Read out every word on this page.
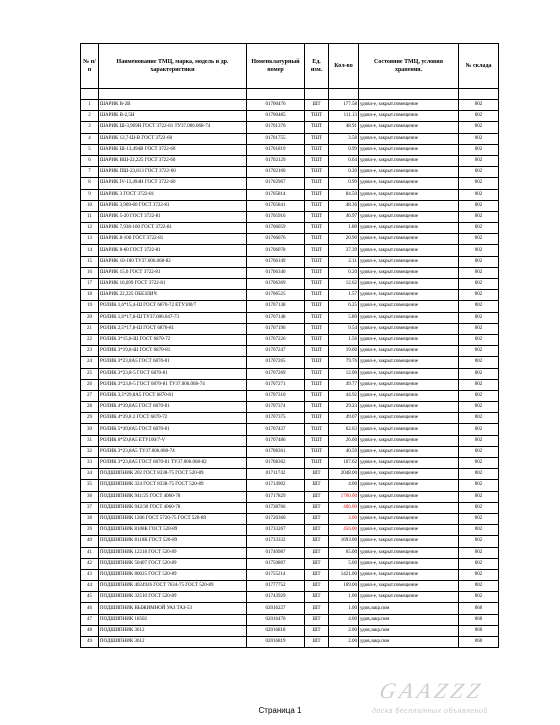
№ п/п	Наименование ТМЦ, марка, модель и др. характеристики	Номенклатурный номер	Ед. изм.	Кол-во	Состояние ТМЦ, условия хранения.	№ склада

1	ШАРИК В-2В	01700476	ШТ	177.58	удовл-е, закрыт.помещение	002
2	ШАРИК В-2,5Н	01700485	ТШТ	111.13	удовл-е, закрыт.помещение	002
3	ШАРИК Ш-3,969Н ГОСТ 3722-81 ТУ37.006.068-74	01701370	ТШТ	48.91	удовл-е, закрыт.помещение	002
4	ШАРИК 12,7-Ш-В ГОСТ 3722-60	01701755	ТШТ	3.58	удовл-е, закрыт.помещение	002
5	ШАРИК Ш-13,494В ГОСТ 3722-60	01701819	ТШТ	0.99	удовл-е, закрыт.помещение	002
6	ШАРИК ВШ-22,225 ГОСТ 3722-60	01702129	ТШТ	0.64	удовл-е, закрыт.помещение	002
7	ШАРИК ПШ-23,813 ГОСТ 3722-60	01702160	ТШТ	0.20	удовл-е, закрыт.помещение	002
8	ШАРИК IV-13,494Н ГОСТ 3722-60	01702967	ТШТ	0.99	удовл-е, закрыт.помещение	002
9	ШАРИК 3 ГОСТ 3722-81	01705814	ТШТ	84.50	удовл-е, закрыт.помещение	002
10	ШАРИК 3,969-60 ГОСТ 3722-81	01705841	ТШТ	48.36	удовл-е, закрыт.помещение	002
11	ШАРИК 5-20 ГОСТ 3722-81	01705916	ТШТ	46.97	удовл-е, закрыт.помещение	002
12	ШАРИК 7,938-100 ГОСТ 3722-81	01706059	ТШТ	1.80	удовл-е, закрыт.помещение	002
13	ШАРИК 8-100 ГОСТ 3722-81	01706076	ТШТ	20.90	удовл-е, закрыт.помещение	002
14	ШАРИК 8-60 ГОСТ 3722-81	01706078	ТШТ	37.39	удовл-е, закрыт.помещение	002
15	ШАРИК 10-100 ТУ37.006.068-82	01706149	ТШТ	2.11	удовл-е, закрыт.помещение	002
16	ШАРИК 15,0 ГОСТ 3722-81	01706340	ТШТ	0.20	удовл-е, закрыт.помещение	002
17	ШАРИК 16,699 ГОСТ 3722-81	01706369	ТШТ	12.62	удовл-е, закрыт.помещение	002
18	ШАРИК 22,225 ОБЕЗЛИЧ	01706525	ТШТ	1.57	удовл-е, закрыт.помещение	002
19	РОЛИК 1,6*15,4-Ш ГОСТ 6870-72 ЕТУ100/7	01707138	ТШТ	6.25	удовл-е, закрыт.помещение	002
20	РОЛИК 1,6*17,8-Ш ТУ37.006.047-73	01707148	ТШТ	5.80	удовл-е, закрыт.помещение	002
21	РОЛИК 2,5*17,8-Ш ГОСТ 6870-81	01707190	ТШТ	9.54	удовл-е, закрыт.помещение	002
22	РОЛИК 3*15,8-Ш ГОСТ 6870-72	01707226	ТШТ	1.56	удовл-е, закрыт.помещение	002
23	РОЛИК 3*19,8-Ш ГОСТ 6870-81	01707247	ТШТ	19.60	удовл-е, закрыт.помещение	002
24	РОЛИК 3*23,8А5 ГОСТ 6870-81	01707265	ТШТ	79.76	удовл-е, закрыт.помещение	002
25	РОЛИК 3*23,8-5 ГОСТ 6870-81	01707269	ТШТ	12.00	удовл-е, закрыт.помещение	002
26	РОЛИК 3*23,8-5 ГОСТ 6870-81 ТУ37.006.068-74	01707271	ТШТ	49.77	удовл-е, закрыт.помещение	002
27	РОЛИК 3,5*29,8А5 ГОСТ 6870-81	01707310	ТШТ	44.92	удовл-е, закрыт.помещение	002
28	РОЛИК 4*39,8А5 ГОСТ 6870-81	01707374	ТШТ	29.23	удовл-е, закрыт.помещение	002
29	РОЛИК 4*39,8 2 ГОСТ 6870-72	01707375	ТШТ	49.67	удовл-е, закрыт.помещение	002
30	РОЛИК 5*49,8А5 ГОСТ 6870-81	01707437	ТШТ	62.63	удовл-е, закрыт.помещение	002
31	РОЛИК 6*59,8А5 ЕТУ100/7-V	01707486	ТШТ	26.60	удовл-е, закрыт.помещение	002
32	РОЛИК 3*23,8А5 ТУ37.006.068-74	01708361	ТШТ	40.59	удовл-е, закрыт.помещение	002
33	РОЛИК 3*23,8А5 ГОСТ 6870-81 ТУ37.006.068-82	01708362	ТШТ	167.62	удовл-е, закрыт.помещение	002
34	ПОДШИПНИК 202 ГОСТ 8338-75 ГОСТ 520-89	01711742	ШТ	2048.00	удовл-е, закрыт.помещение	002
35	ПОДШИПНИК 324 ГОСТ 8338-75 ГОСТ 520-89	01714902	ШТ	4.00	удовл-е, закрыт.помещение	002
36	ПОДШИПНИК 941/25 ГОСТ 4060-78	01717829	ШТ	1700.00	удовл-е, закрыт.помещение	002
37	ПОДШИПНИК 942/30 ГОСТ 4060-78	01738766	ШТ	400.00	удовл-е, закрыт.помещение	002
38	ПОДШИПНИК 1206 ГОСТ 5720-75 ГОСТ 520-89	01720360	ШТ	3.00	удовл-е, закрыт.помещение	002
39	ПОДШИПНИК 8108К ГОСТ 520-89	01733267	ШТ	456.00	удовл-е, закрыт.помещение	002
40	ПОДШИПНИК 8110К ГОСТ 520-89	01733332	ШТ	1693.00	удовл-е, закрыт.помещение	002
41	ПОДШИПНИК 12218 ГОСТ 520-89	01740987	ШТ	65.00	удовл-е, закрыт.помещение	002
42	ПОДШИПНИК 50407 ГОСТ 520-89	01750807	ШТ	5.00	удовл-е, закрыт.помещение	002
43	ПОДШИПНИК 80025 ГОСТ 520-89	01755214	ШТ	1421.00	удовл-е, закрыт.помещение	002
44	ПОДШИПНИК 4024926 ГОСТ 7634-75 ГОСТ 520-89	01777752	ШТ	169.00	удовл-е, закрыт.помещение	002
45	ПОДШИПНИК 32510 ГОСТ 520-89	01743929	ШТ	1.00	удовл-е, закрыт.помещение	002
46	ПОДШИПНИК ВЫЖИМНОЙ УАЗ ТАЗ-53	02016227	ШТ	1.00	удов,закр.пом	060
47	ПОДШИПНИК 18502	02016470	ШТ	4.00	удов,закр.пом	060
48	ПОДШИПНИК 3612	02016818	ШТ	2.00	удов,закр.пом	060
49	ПОДШИПНИК 3612	02016819	ШТ	2.00	удов,закр.пом	060
Страница 1
GAAZZZ
доска бесплатных объявлений
